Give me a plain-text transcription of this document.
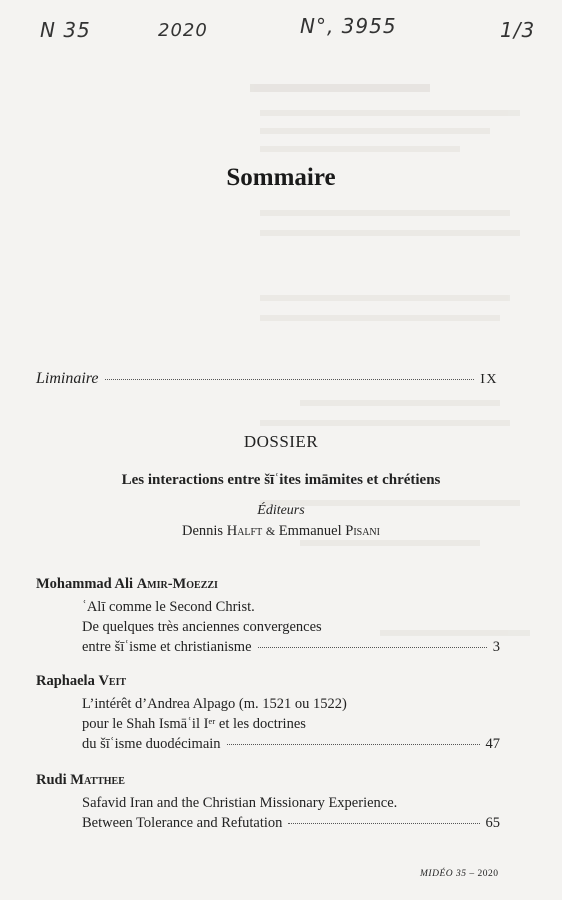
N 35	2020	N°, 3955	1/3
Sommaire
Liminaire	IX
DOSSIER
Les interactions entre šīʿites imāmites et chrétiens
Éditeurs
Dennis Halft & Emmanuel Pisani
Mohammad Ali Amir-Moezzi
ʿAlī comme le Second Christ.
De quelques très anciennes convergences
entre šīʿisme et christianisme	3
Raphaela Veit
L’intérêt d’Andrea Alpago (m. 1521 ou 1522)
pour le Shah Ismāʿil Iᵉʳ et les doctrines
du šīʿisme duodécimain	47
Rudi Matthee
Safavid Iran and the Christian Missionary Experience.
Between Tolerance and Refutation	65
MIDÉO 35 – 2020
